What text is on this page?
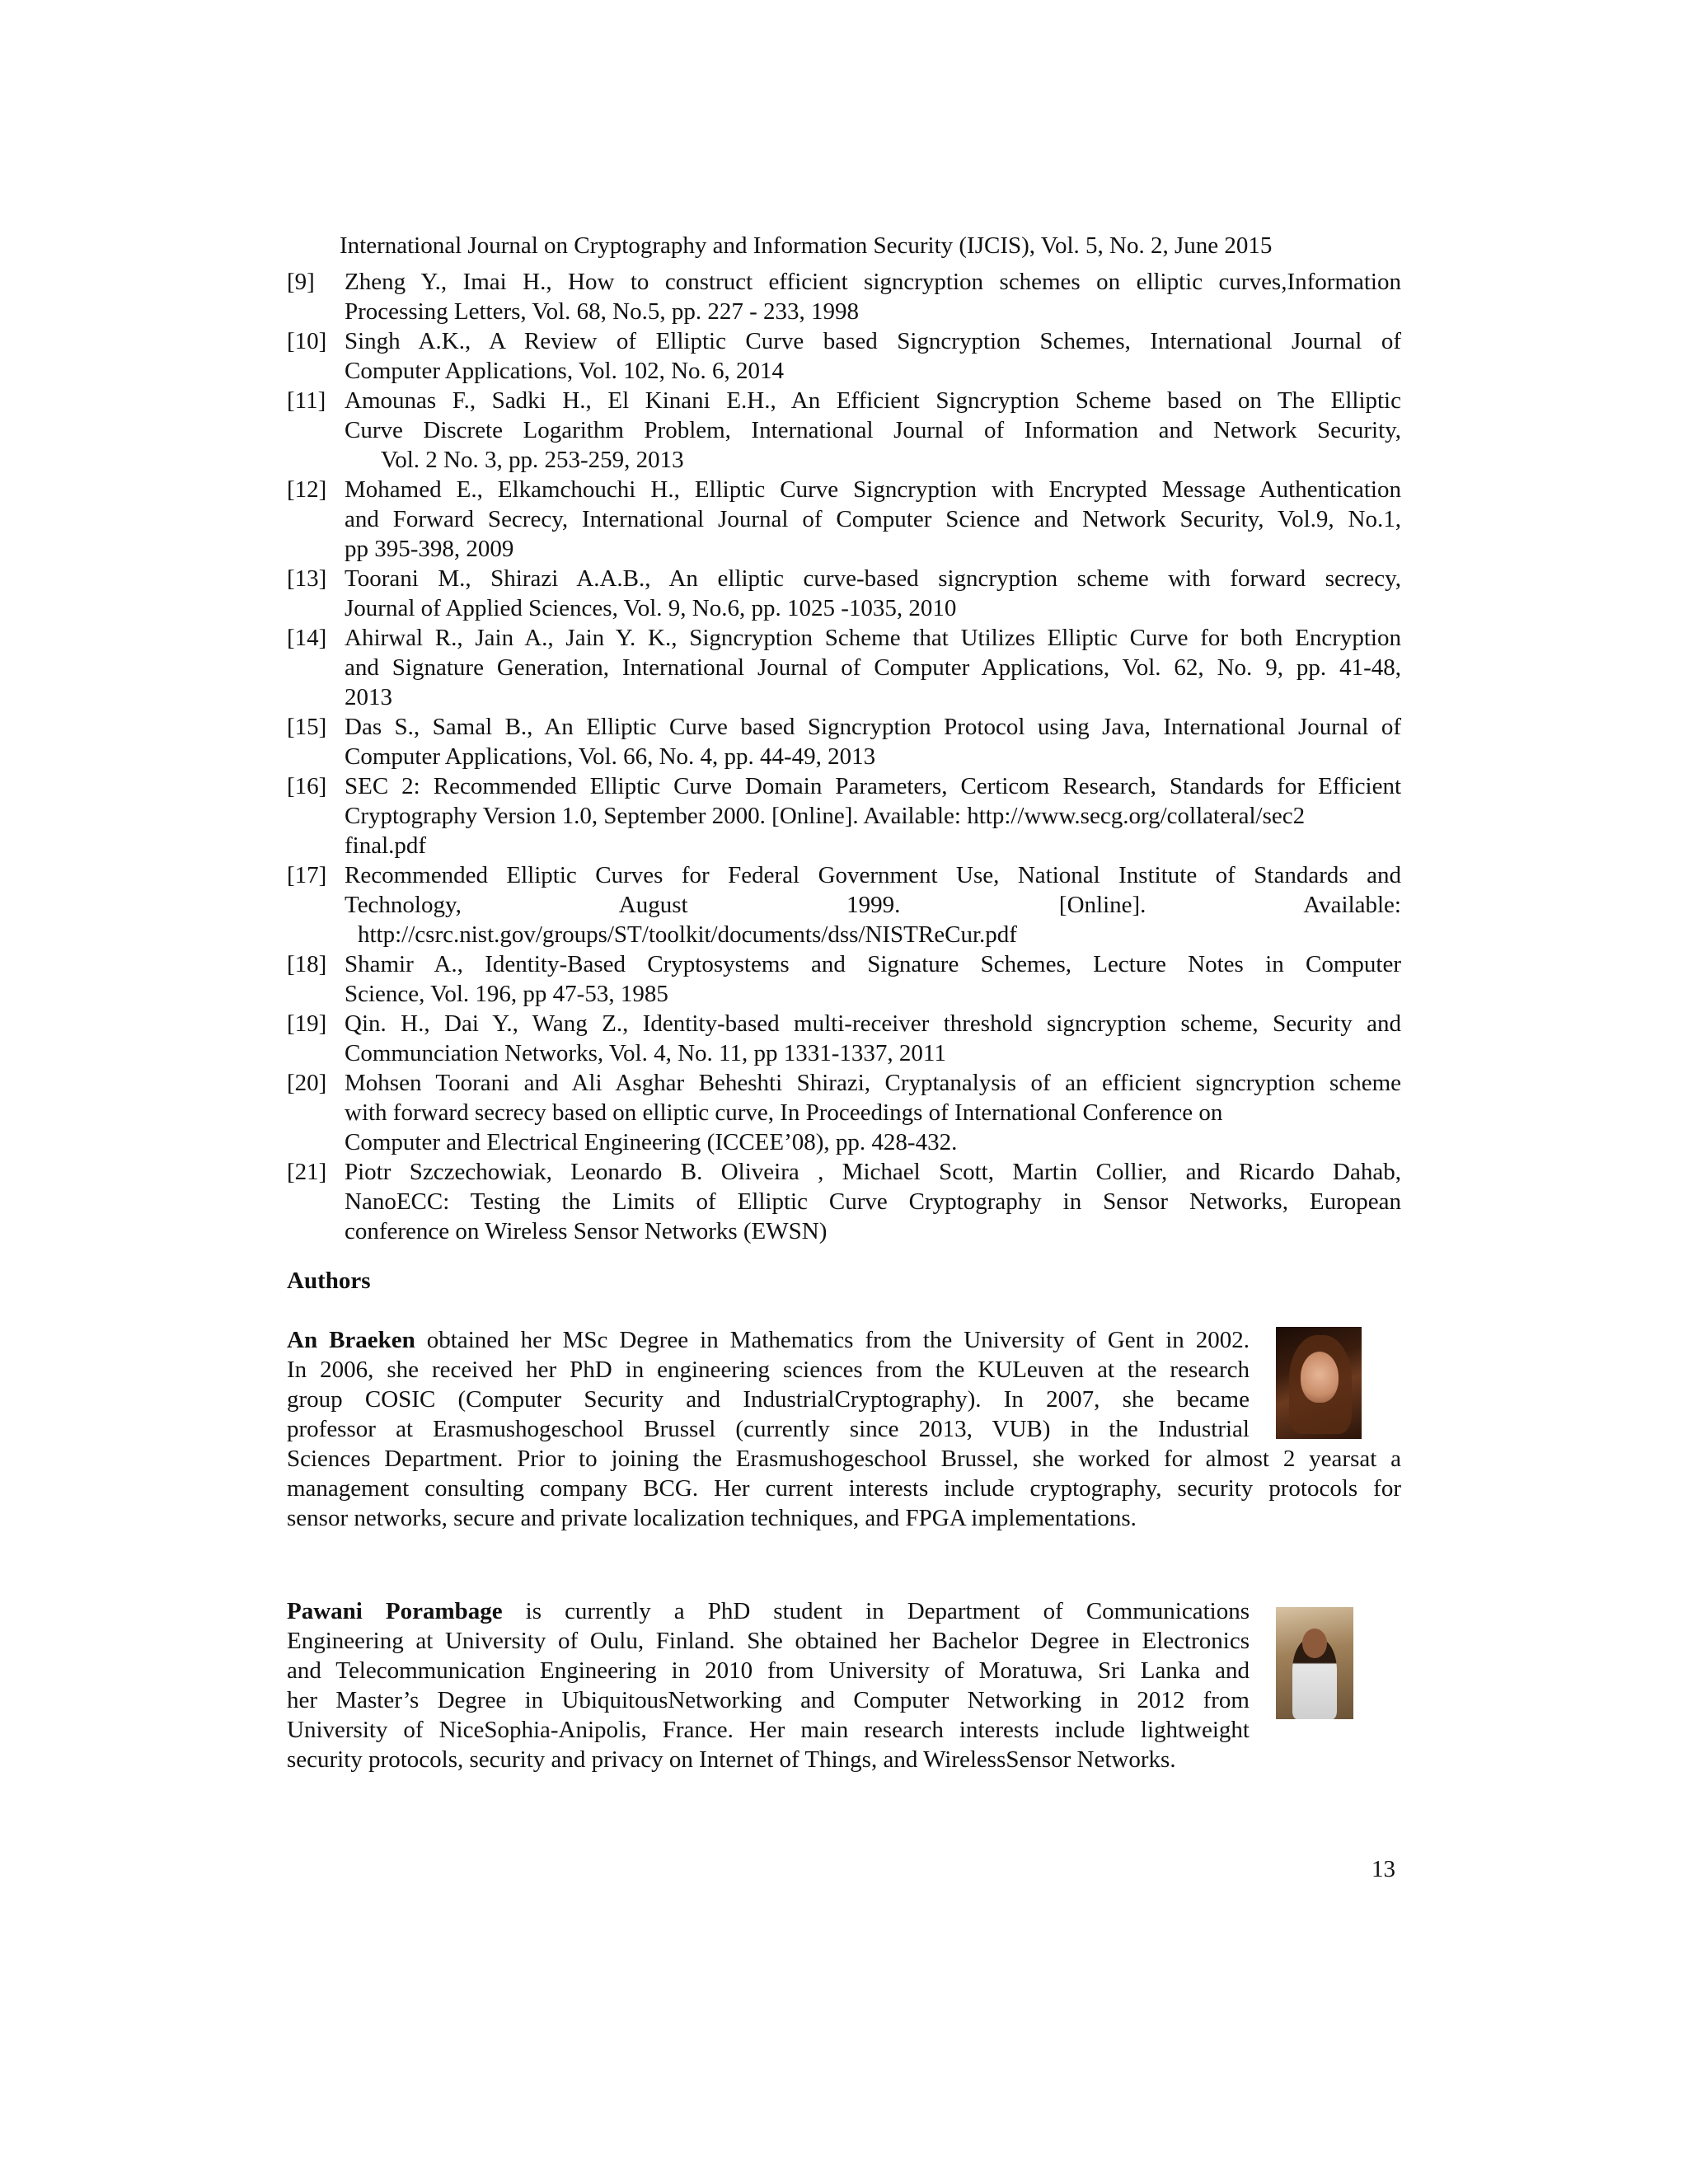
International Journal on Cryptography and Information Security (IJCIS), Vol. 5, No. 2, June 2015
[9]	Zheng Y., Imai H., How to construct efficient signcryption schemes on elliptic curves,Information
Processing Letters, Vol. 68, No.5, pp. 227 - 233, 1998
[10] Singh A.K., A Review of Elliptic Curve based Signcryption Schemes, International Journal of
Computer Applications, Vol. 102, No. 6, 2014
[11] Amounas F., Sadki H., El Kinani E.H., An Efficient Signcryption Scheme based on The Elliptic
Curve Discrete Logarithm Problem, International Journal of Information and Network Security,
Vol. 2 No. 3, pp. 253-259, 2013
[12] Mohamed E., Elkamchouchi H., Elliptic Curve Signcryption with Encrypted Message Authentication
and Forward Secrecy, International Journal of Computer Science and Network Security, Vol.9, No.1,
pp 395-398, 2009
[13] Toorani M., Shirazi A.A.B., An elliptic curve-based signcryption scheme with forward secrecy,
Journal of Applied Sciences, Vol. 9, No.6, pp. 1025 -1035, 2010
[14] Ahirwal R., Jain A., Jain Y. K., Signcryption Scheme that Utilizes Elliptic Curve for both Encryption
and Signature Generation, International Journal of Computer Applications, Vol. 62, No. 9, pp. 41-48,
2013
[15] Das S., Samal B., An Elliptic Curve based Signcryption Protocol using Java, International Journal of
Computer Applications, Vol. 66, No. 4, pp. 44-49, 2013
[16] SEC 2: Recommended Elliptic Curve Domain Parameters, Certicom Research, Standards for Efficient
Cryptography Version 1.0, September 2000. [Online]. Available: http://www.secg.org/collateral/sec2
final.pdf
[17] Recommended Elliptic Curves for Federal Government Use, National Institute of Standards and
Technology, August 1999. [Online]. Available:
http://csrc.nist.gov/groups/ST/toolkit/documents/dss/NISTReCur.pdf
[18] Shamir A., Identity-Based Cryptosystems and Signature Schemes, Lecture Notes in Computer
Science, Vol. 196, pp 47-53, 1985
[19] Qin. H., Dai Y., Wang Z., Identity-based multi-receiver threshold signcryption scheme, Security and
Communciation Networks, Vol. 4, No. 11, pp 1331-1337, 2011
[20] Mohsen Toorani and Ali Asghar Beheshti Shirazi, Cryptanalysis of an efficient signcryption scheme
with forward secrecy based on elliptic curve, In Proceedings of International Conference on
Computer and Electrical Engineering (ICCEE’08), pp. 428-432.
[21] Piotr Szczechowiak, Leonardo B. Oliveira , Michael Scott, Martin Collier, and Ricardo Dahab,
NanoECC: Testing the Limits of Elliptic Curve Cryptography in Sensor Networks, European
conference on Wireless Sensor Networks (EWSN)
Authors
An Braeken obtained her MSc Degree in Mathematics from the University of Gent in 2002.
In 2006, she received her PhD in engineering sciences from the KULeuven at the research
group COSIC (Computer Security and IndustrialCryptography). In 2007, she became
professor at Erasmushogeschool Brussel (currently since 2013, VUB) in the Industrial
Sciences Department. Prior to joining the Erasmushogeschool Brussel, she worked for almost 2 yearsat a
management consulting company BCG. Her current interests include cryptography, security protocols for
sensor networks, secure and private localization techniques, and FPGA implementations.
Pawani Porambage is currently a PhD student in Department of Communications
Engineering at University of Oulu, Finland. She obtained her Bachelor Degree in Electronics
and Telecommunication Engineering in 2010 from University of Moratuwa, Sri Lanka and
her Master’s Degree in UbiquitousNetworking and Computer Networking in 2012 from
University of NiceSophia-Anipolis, France. Her main research interests include lightweight
security protocols, security and privacy on Internet of Things, and WirelessSensor Networks.
13
